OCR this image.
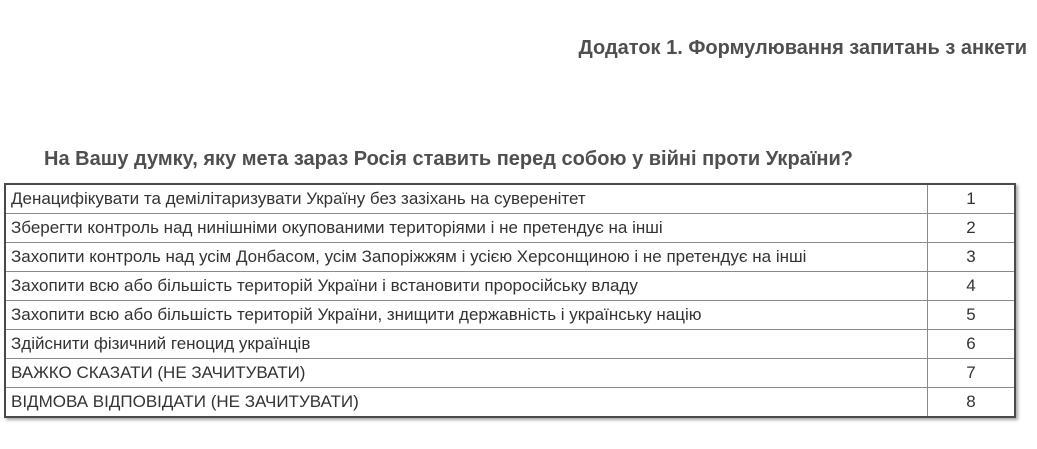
Додаток 1. Формулювання запитань з анкети
На Вашу думку, яку мета зараз Росія ставить перед собою у війні проти України?
Денацифікувати та демілітаризувати Україну без зазіхань на суверенітет	1
Зберегти контроль над нинішніми окупованими територіями і не претендує на інші	2
Захопити контроль над усім Донбасом, усім Запоріжжям і усією Херсонщиною і не претендує на інші	3
Захопити всю або більшість територій України і встановити проросійську владу	4
Захопити всю або більшість територій України, знищити державність і українську націю	5
Здійснити фізичний геноцид українців	6
ВАЖКО СКАЗАТИ (НЕ ЗАЧИТУВАТИ)	7
ВІДМОВА ВІДПОВІДАТИ (НЕ ЗАЧИТУВАТИ)	8
